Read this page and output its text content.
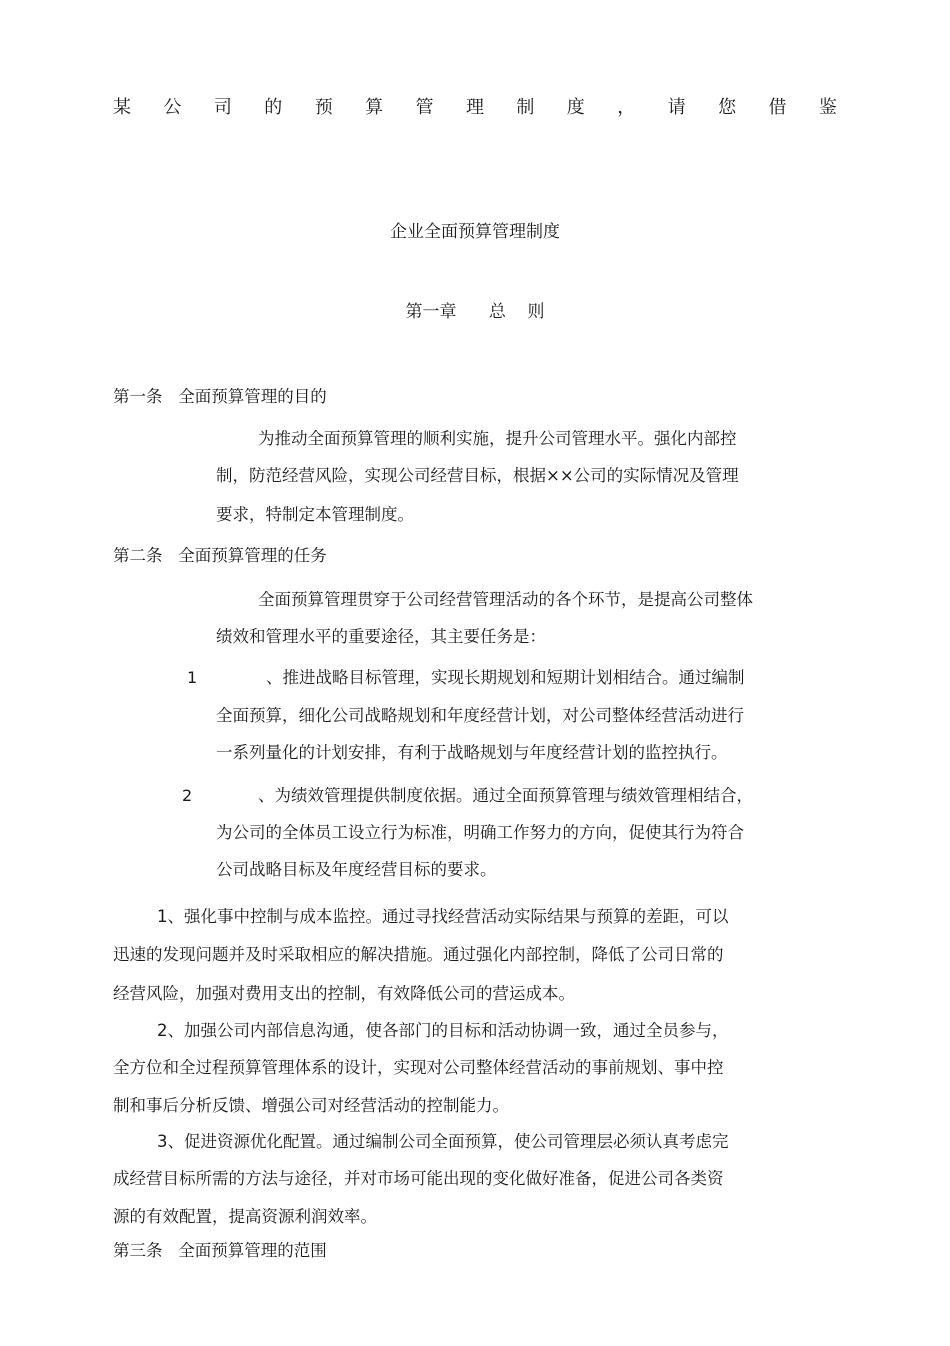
某 公 司 的 预 算 管 理 制 度 ， 请 您 借 鉴
企业全面预算管理制度
第一章      总    则
第一条   全面预算管理的目的
为推动全面预算管理的顺利实施，提升公司管理水平。强化内部控
制，防范经营风险，实现公司经营目标，根据××公司的实际情况及管理
要求，特制定本管理制度。
第二条   全面预算管理的任务
全面预算管理贯穿于公司经营管理活动的各个环节，是提高公司整体
绩效和管理水平的重要途径，其主要任务是：
1	、推进战略目标管理，实现长期规划和短期计划相结合。通过编制
全面预算，细化公司战略规划和年度经营计划，对公司整体经营活动进行
一系列量化的计划安排，有利于战略规划与年度经营计划的监控执行。
2	、为绩效管理提供制度依据。通过全面预算管理与绩效管理相结合，
为公司的全体员工设立行为标准，明确工作努力的方向，促使其行为符合
公司战略目标及年度经营目标的要求。
1、强化事中控制与成本监控。通过寻找经营活动实际结果与预算的差距，可以
迅速的发现问题并及时采取相应的解决措施。通过强化内部控制，降低了公司日常的
经营风险，加强对费用支出的控制，有效降低公司的营运成本。
2、加强公司内部信息沟通，使各部门的目标和活动协调一致，通过全员参与，
全方位和全过程预算管理体系的设计，实现对公司整体经营活动的事前规划、事中控
制和事后分析反馈、增强公司对经营活动的控制能力。
3、促进资源优化配置。通过编制公司全面预算，使公司管理层必须认真考虑完
成经营目标所需的方法与途径，并对市场可能出现的变化做好准备，促进公司各类资
源的有效配置，提高资源利润效率。
第三条   全面预算管理的范围
